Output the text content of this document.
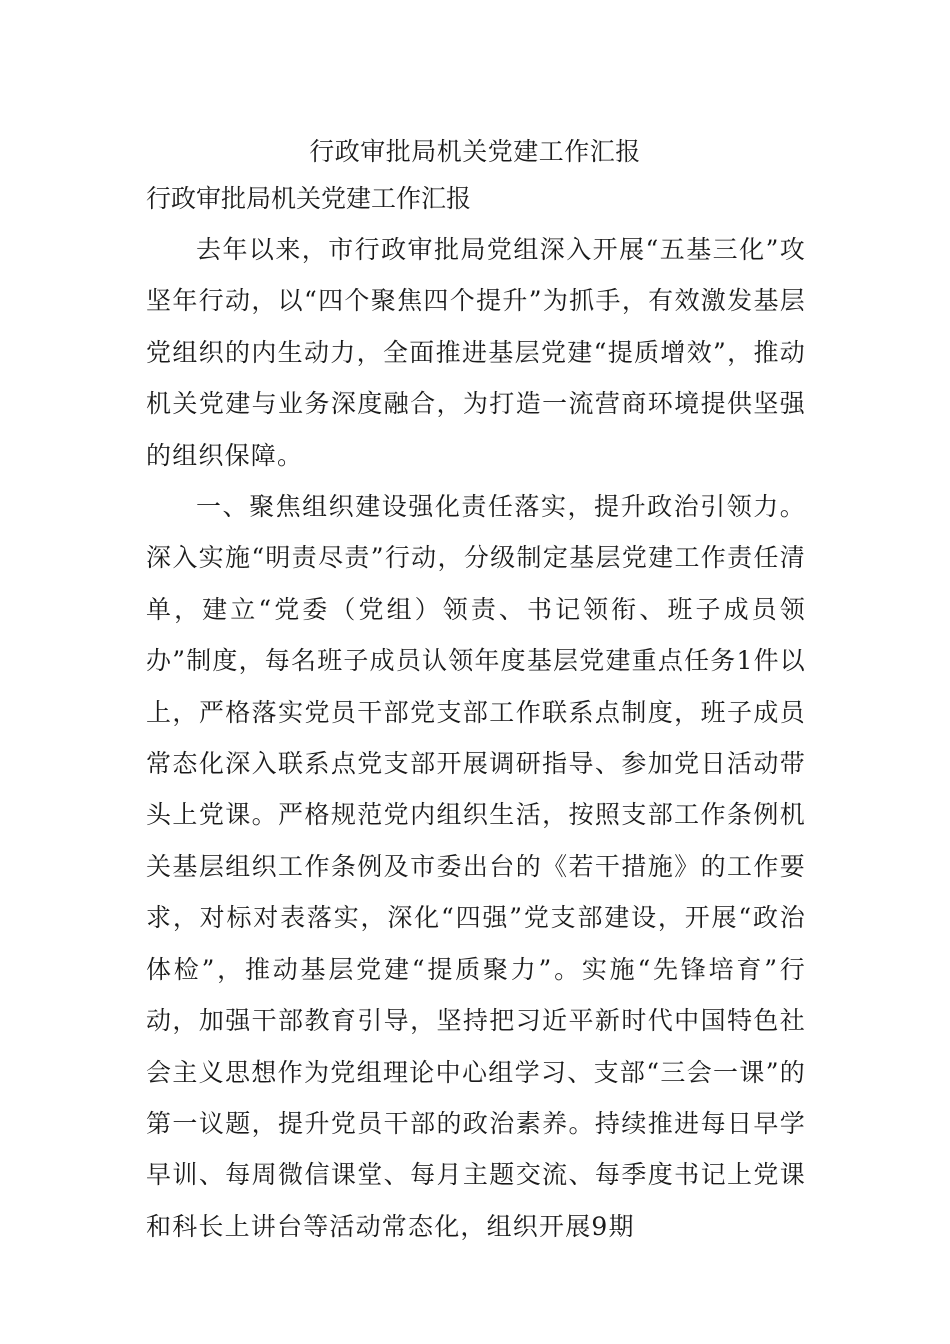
行政审批局机关党建工作汇报
行政审批局机关党建工作汇报

去年以来，市行政审批局党组深入开展“五基三化”攻坚年行动，以“四个聚焦四个提升”为抓手，有效激发基层党组织的内生动力，全面推进基层党建“提质增效”，推动机关党建与业务深度融合，为打造一流营商环境提供坚强的组织保障。

一、聚焦组织建设强化责任落实，提升政治引领力。深入实施“明责尽责”行动，分级制定基层党建工作责任清单，建立“党委（党组）领责、书记领衔、班子成员领办”制度，每名班子成员认领年度基层党建重点任务1件以上，严格落实党员干部党支部工作联系点制度，班子成员常态化深入联系点党支部开展调研指导、参加党日活动带头上党课。严格规范党内组织生活，按照支部工作条例机关基层组织工作条例及市委出台的《若干措施》的工作要求，对标对表落实，深化“四强”党支部建设，开展“政治体检”，推动基层党建“提质聚力”。实施“先锋培育”行动，加强干部教育引导，坚持把习近平新时代中国特色社会主义思想作为党组理论中心组学习、支部“三会一课”的第一议题，提升党员干部的政治素养。持续推进每日早学早训、每周微信课堂、每月主题交流、每季度书记上党课和科长上讲台等活动常态化，组织开展9期
